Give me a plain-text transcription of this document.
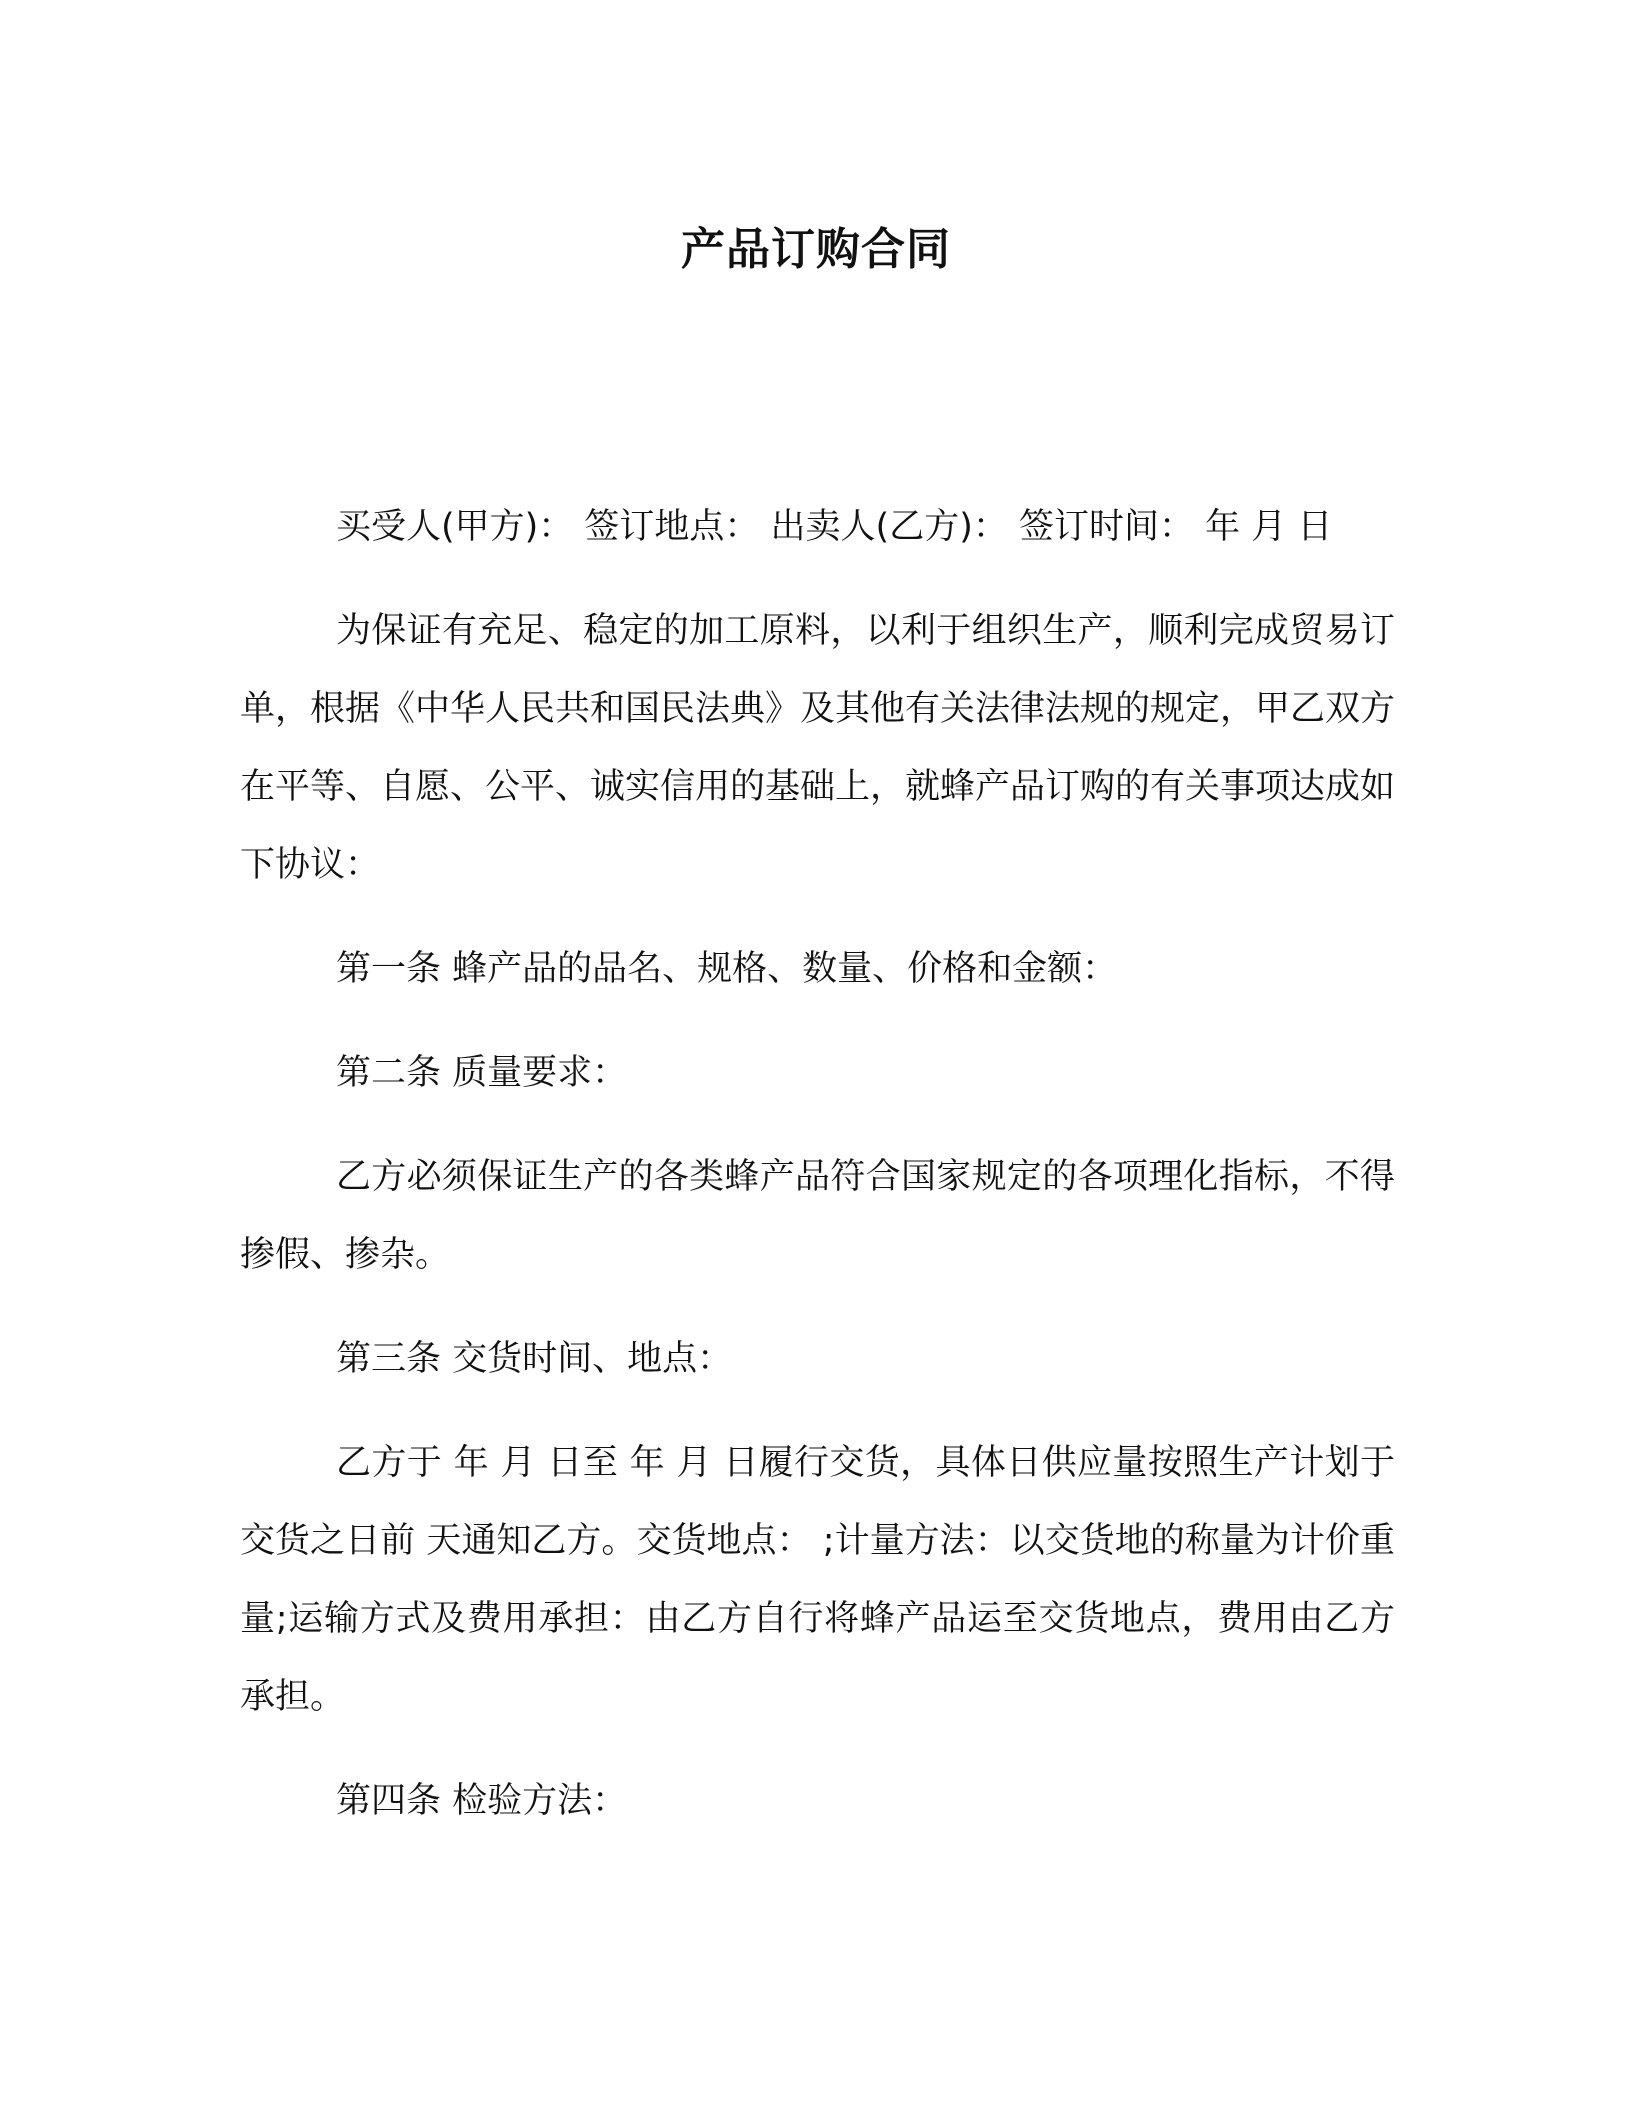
产品订购合同

买受人(甲方)： 签订地点： 出卖人(乙方)： 签订时间： 年 月 日

为保证有充足、稳定的加工原料，以利于组织生产，顺利完成贸易订单，根据《中华人民共和国民法典》及其他有关法律法规的规定，甲乙双方在平等、自愿、公平、诚实信用的基础上，就蜂产品订购的有关事项达成如下协议：

第一条 蜂产品的品名、规格、数量、价格和金额：

第二条 质量要求：

乙方必须保证生产的各类蜂产品符合国家规定的各项理化指标，不得掺假、掺杂。

第三条 交货时间、地点：

乙方于 年 月 日至 年 月 日履行交货，具体日供应量按照生产计划于交货之日前 天通知乙方。交货地点： ;计量方法：以交货地的称量为计价重量;运输方式及费用承担：由乙方自行将蜂产品运至交货地点，费用由乙方承担。

第四条 检验方法：
